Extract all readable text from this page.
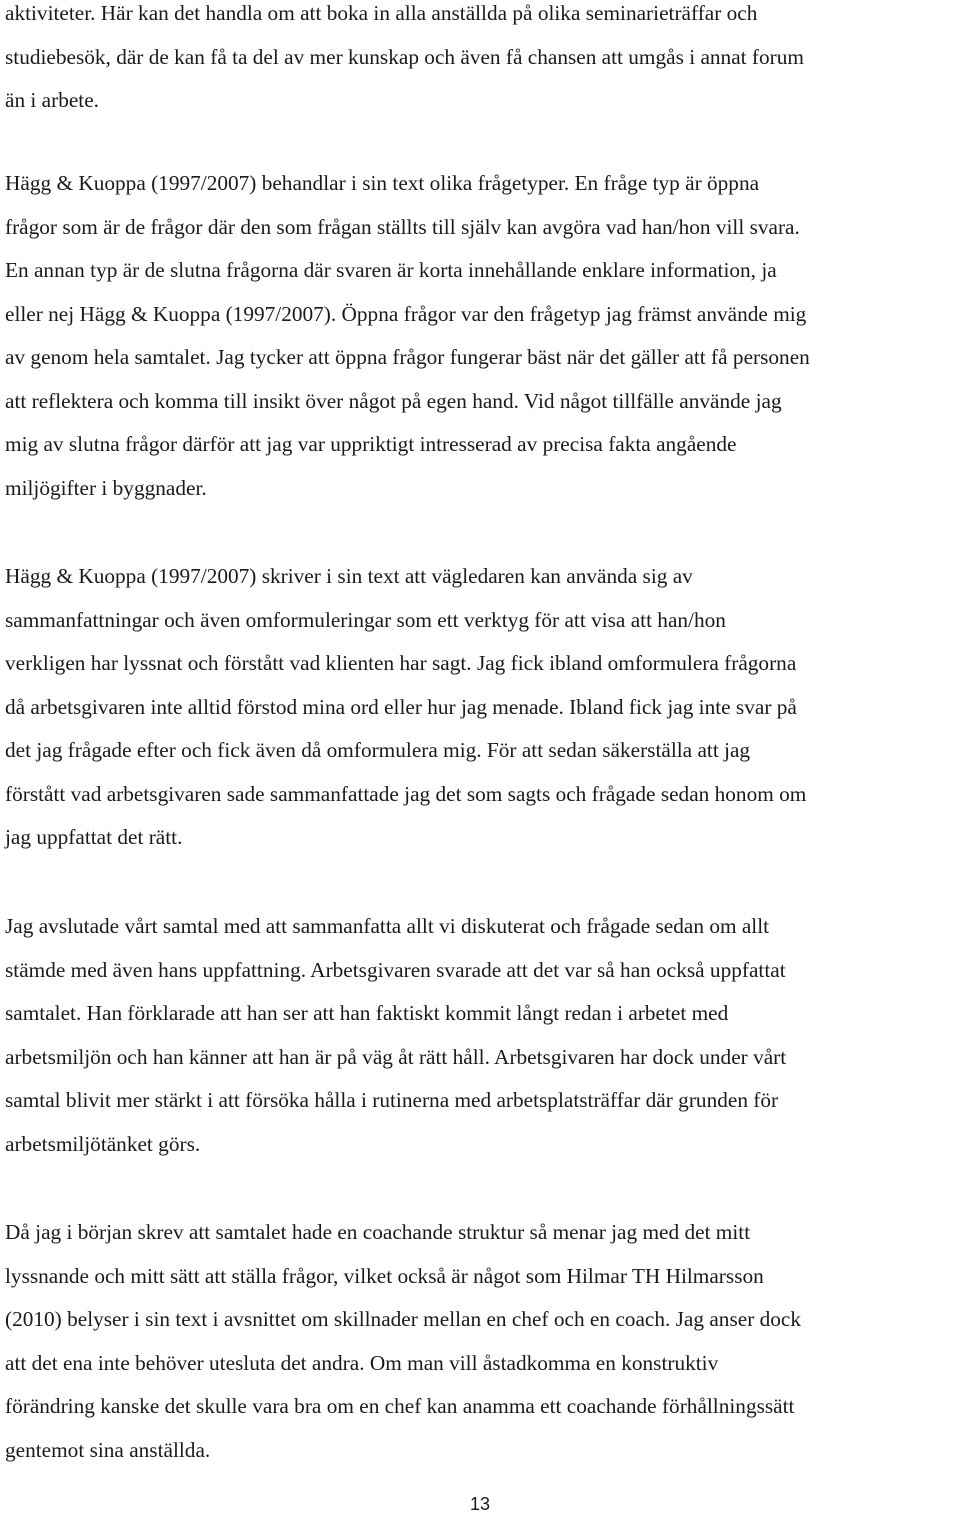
aktiviteter. Här kan det handla om att boka in alla anställda på olika seminarieträffar och
studiebesök, där de kan få ta del av mer kunskap och även få chansen att umgås i annat forum
än i arbete.
Hägg & Kuoppa (1997/2007) behandlar i sin text olika frågetyper. En fråge typ är öppna
frågor som är de frågor där den som frågan ställts till själv kan avgöra vad han/hon vill svara.
En annan typ är de slutna frågorna där svaren är korta innehållande enklare information, ja
eller nej Hägg & Kuoppa (1997/2007). Öppna frågor var den frågetyp jag främst använde mig
av genom hela samtalet. Jag tycker att öppna frågor fungerar bäst när det gäller att få personen
att reflektera och komma till insikt över något på egen hand. Vid något tillfälle använde jag
mig av slutna frågor därför att jag var uppriktigt intresserad av precisa fakta angående
miljögifter i byggnader.
Hägg & Kuoppa (1997/2007) skriver i sin text att vägledaren kan använda sig av
sammanfattningar och även omformuleringar som ett verktyg för att visa att han/hon
verkligen har lyssnat och förstått vad klienten har sagt. Jag fick ibland omformulera frågorna
då arbetsgivaren inte alltid förstod mina ord eller hur jag menade. Ibland fick jag inte svar på
det jag frågade efter och fick även då omformulera mig. För att sedan säkerställa att jag
förstått vad arbetsgivaren sade sammanfattade jag det som sagts och frågade sedan honom om
jag uppfattat det rätt.
Jag avslutade vårt samtal med att sammanfatta allt vi diskuterat och frågade sedan om allt
stämde med även hans uppfattning. Arbetsgivaren svarade att det var så han också uppfattat
samtalet. Han förklarade att han ser att han faktiskt kommit långt redan i arbetet med
arbetsmiljön och han känner att han är på väg åt rätt håll. Arbetsgivaren har dock under vårt
samtal blivit mer stärkt i att försöka hålla i rutinerna med arbetsplatsträffar där grunden för
arbetsmiljötänket görs.
Då jag i början skrev att samtalet hade en coachande struktur så menar jag med det mitt
lyssnande och mitt sätt att ställa frågor, vilket också är något som Hilmar TH Hilmarsson
(2010) belyser i sin text i avsnittet om skillnader mellan en chef och en coach. Jag anser dock
att det ena inte behöver utesluta det andra. Om man vill åstadkomma en konstruktiv
förändring kanske det skulle vara bra om en chef kan anamma ett coachande förhållningssätt
gentemot sina anställda.
13
